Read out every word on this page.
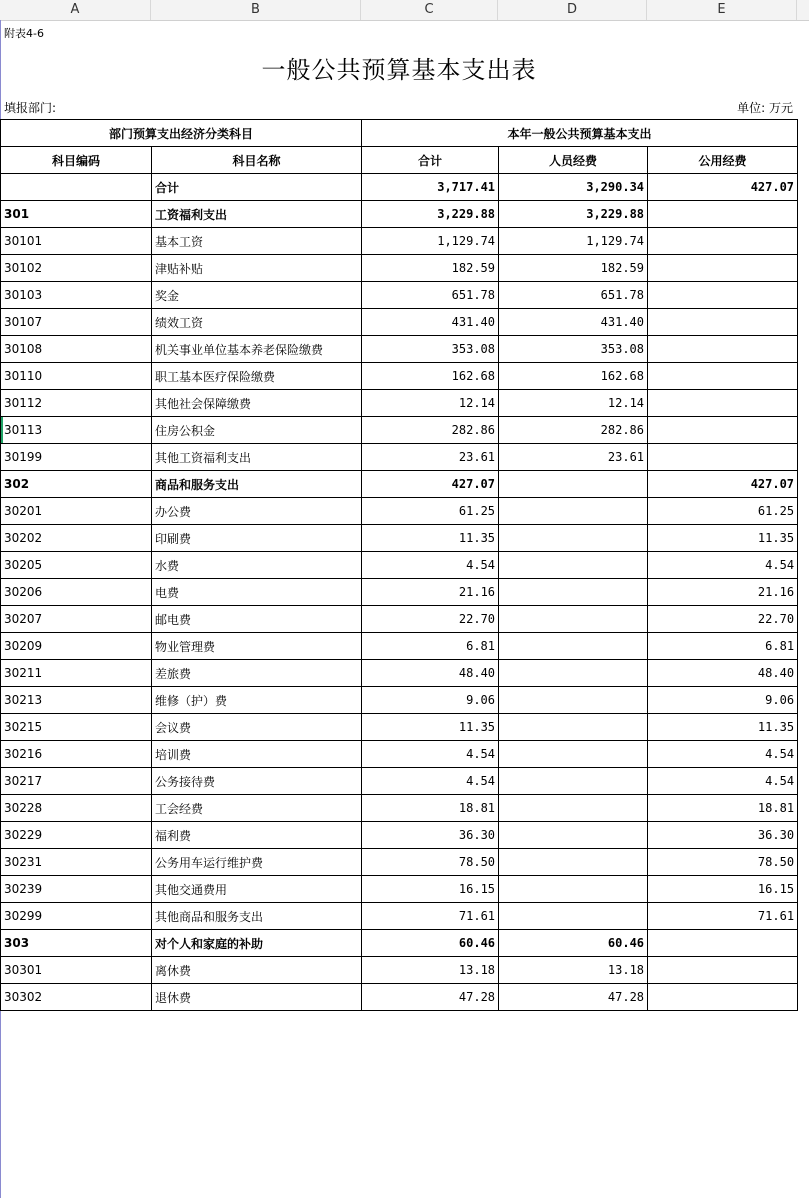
A	B	C	D	E
附表4-6
一般公共预算基本支出表
填报部门:	单位: 万元
部门预算支出经济分类科目		本年一般公共预算基本支出		
科目编码	科目名称	合计	人员经费	公用经费
	合计	3,717.41	3,290.34	427.07
301	工资福利支出	3,229.88	3,229.88	
30101	基本工资	1,129.74	1,129.74	
30102	津贴补贴	182.59	182.59	
30103	奖金	651.78	651.78	
30107	绩效工资	431.40	431.40	
30108	机关事业单位基本养老保险缴费	353.08	353.08	
30110	职工基本医疗保险缴费	162.68	162.68	
30112	其他社会保障缴费	12.14	12.14	
30113	住房公积金	282.86	282.86	
30199	其他工资福利支出	23.61	23.61	
302	商品和服务支出	427.07		427.07
30201	办公费	61.25		61.25
30202	印刷费	11.35		11.35
30205	水费	4.54		4.54
30206	电费	21.16		21.16
30207	邮电费	22.70		22.70
30209	物业管理费	6.81		6.81
30211	差旅费	48.40		48.40
30213	维修（护）费	9.06		9.06
30215	会议费	11.35		11.35
30216	培训费	4.54		4.54
30217	公务接待费	4.54		4.54
30228	工会经费	18.81		18.81
30229	福利费	36.30		36.30
30231	公务用车运行维护费	78.50		78.50
30239	其他交通费用	16.15		16.15
30299	其他商品和服务支出	71.61		71.61
303	对个人和家庭的补助	60.46	60.46	
30301	离休费	13.18	13.18	
30302	退休费	47.28	47.28	
